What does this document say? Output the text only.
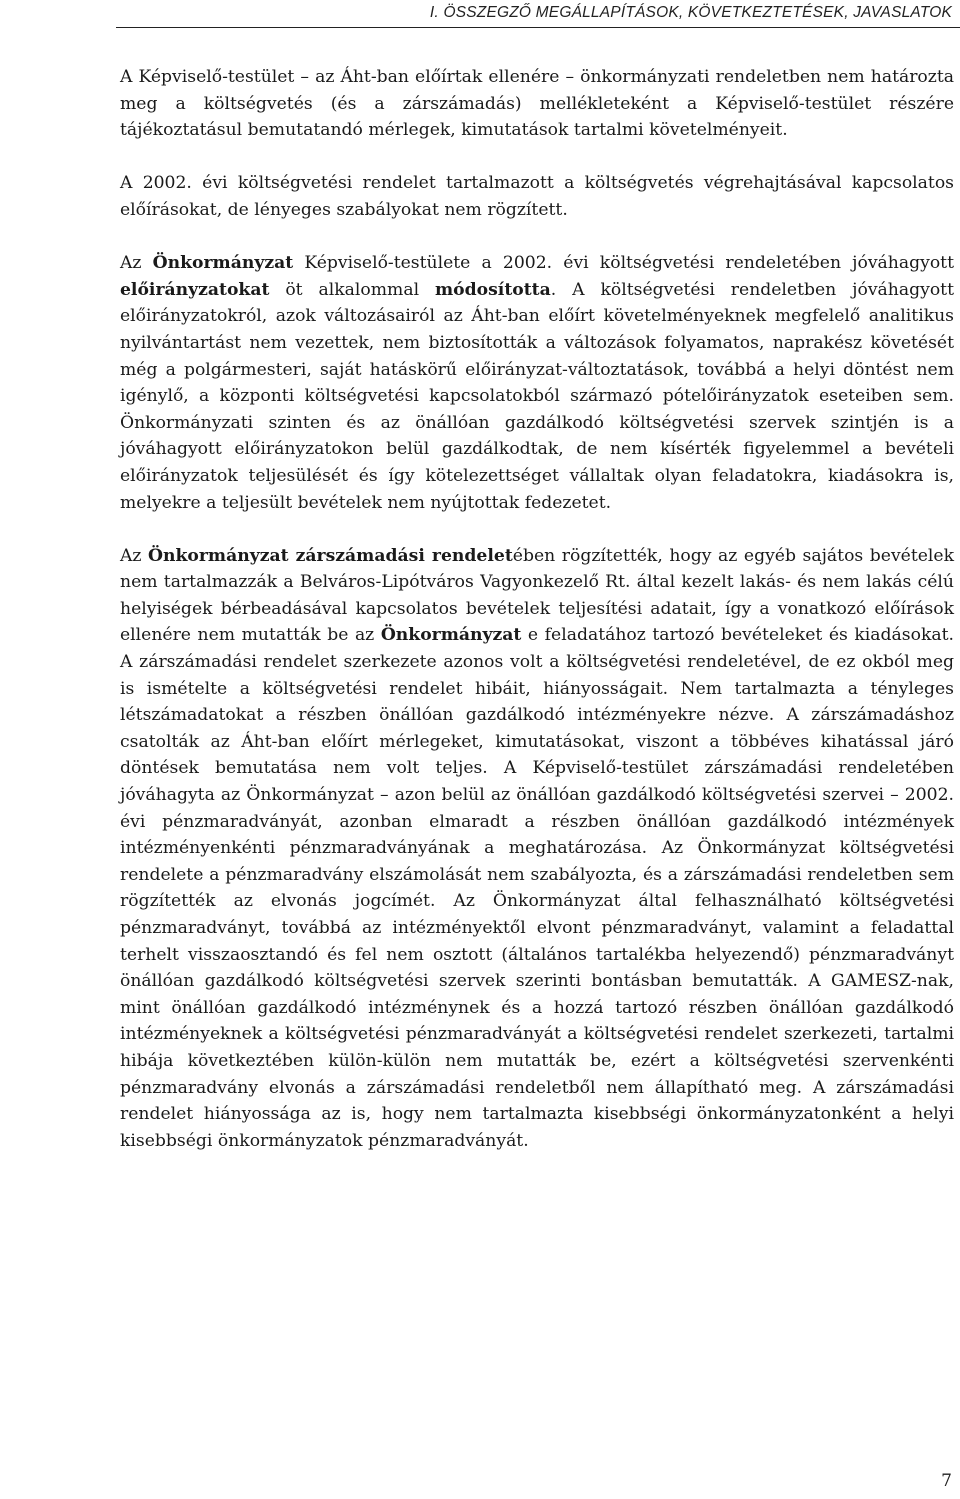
I. ÖSSZEGZŐ MEGÁLLAPÍTÁSOK, KÖVETKEZTETÉSEK, JAVASLATOK

A Képviselő-testület – az Áht-ban előírtak ellenére – önkormányzati rendeletben nem határozta meg a költségvetés (és a zárszámadás) mellékleteként a Képviselő-testület részére tájékoztatásul bemutatandó mérlegek, kimutatások tartalmi követelményeit.

A 2002. évi költségvetési rendelet tartalmazott a költségvetés végrehajtásával kapcsolatos előírásokat, de lényeges szabályokat nem rögzített.

Az Önkormányzat Képviselő-testülete a 2002. évi költségvetési rendeletében jóváhagyott előirányzatokat öt alkalommal módosította. A költségvetési rendeletben jóváhagyott előirányzatokról, azok változásairól az Áht-ban előírt követelményeknek megfelelő analitikus nyilvántartást nem vezettek, nem biztosították a változások folyamatos, naprakész követését még a polgármesteri, saját hatáskörű előirányzat-változtatások, továbbá a helyi döntést nem igénylő, a központi költségvetési kapcsolatokból származó pótelőirányzatok eseteiben sem. Önkormányzati szinten és az önállóan gazdálkodó költségvetési szervek szintjén is a jóváhagyott előirányzatokon belül gazdálkodtak, de nem kísérték figyelemmel a bevételi előirányzatok teljesülését és így kötelezettséget vállaltak olyan feladatokra, kiadásokra is, melyekre a teljesült bevételek nem nyújtottak fedezetet.

Az Önkormányzat zárszámadási rendeletében rögzítették, hogy az egyéb sajátos bevételek nem tartalmazzák a Belváros-Lipótváros Vagyonkezelő Rt. által kezelt lakás- és nem lakás célú helyiségek bérbeadásával kapcsolatos bevételek teljesítési adatait, így a vonatkozó előírások ellenére nem mutatták be az Önkormányzat e feladatához tartozó bevételeket és kiadásokat. A zárszámadási rendelet szerkezete azonos volt a költségvetési rendeletével, de ez okból meg is ismételte a költségvetési rendelet hibáit, hiányosságait. Nem tartalmazta a tényleges létszámadatokat a részben önállóan gazdálkodó intézményekre nézve. A zárszámadáshoz csatolták az Áht-ban előírt mérlegeket, kimutatásokat, viszont a többéves kihatással járó döntések bemutatása nem volt teljes. A Képviselő-testület zárszámadási rendeletében jóváhagyta az Önkormányzat – azon belül az önállóan gazdálkodó költségvetési szervei – 2002. évi pénzmaradványát, azonban elmaradt a részben önállóan gazdálkodó intézmények intézményenkénti pénzmaradványának a meghatározása. Az Önkormányzat költségvetési rendelete a pénzmaradvány elszámolását nem szabályozta, és a zárszámadási rendeletben sem rögzítették az elvonás jogcímét. Az Önkormányzat által felhasználható költségvetési pénzmaradványt, továbbá az intézményektől elvont pénzmaradványt, valamint a feladattal terhelt visszaosztandó és fel nem osztott (általános tartalékba helyezendő) pénzmaradványt önállóan gazdálkodó költségvetési szervek szerinti bontásban bemutatták. A GAMESZ-nak, mint önállóan gazdálkodó intézménynek és a hozzá tartozó részben önállóan gazdálkodó intézményeknek a költségvetési pénzmaradványát a költségvetési rendelet szerkezeti, tartalmi hibája következtében külön-külön nem mutatták be, ezért a költségvetési szervenkénti pénzmaradvány elvonás a zárszámadási rendeletből nem állapítható meg. A zárszámadási rendelet hiányossága az is, hogy nem tartalmazta kisebbségi önkormányzatonként a helyi kisebbségi önkormányzatok pénzmaradványát.

7
